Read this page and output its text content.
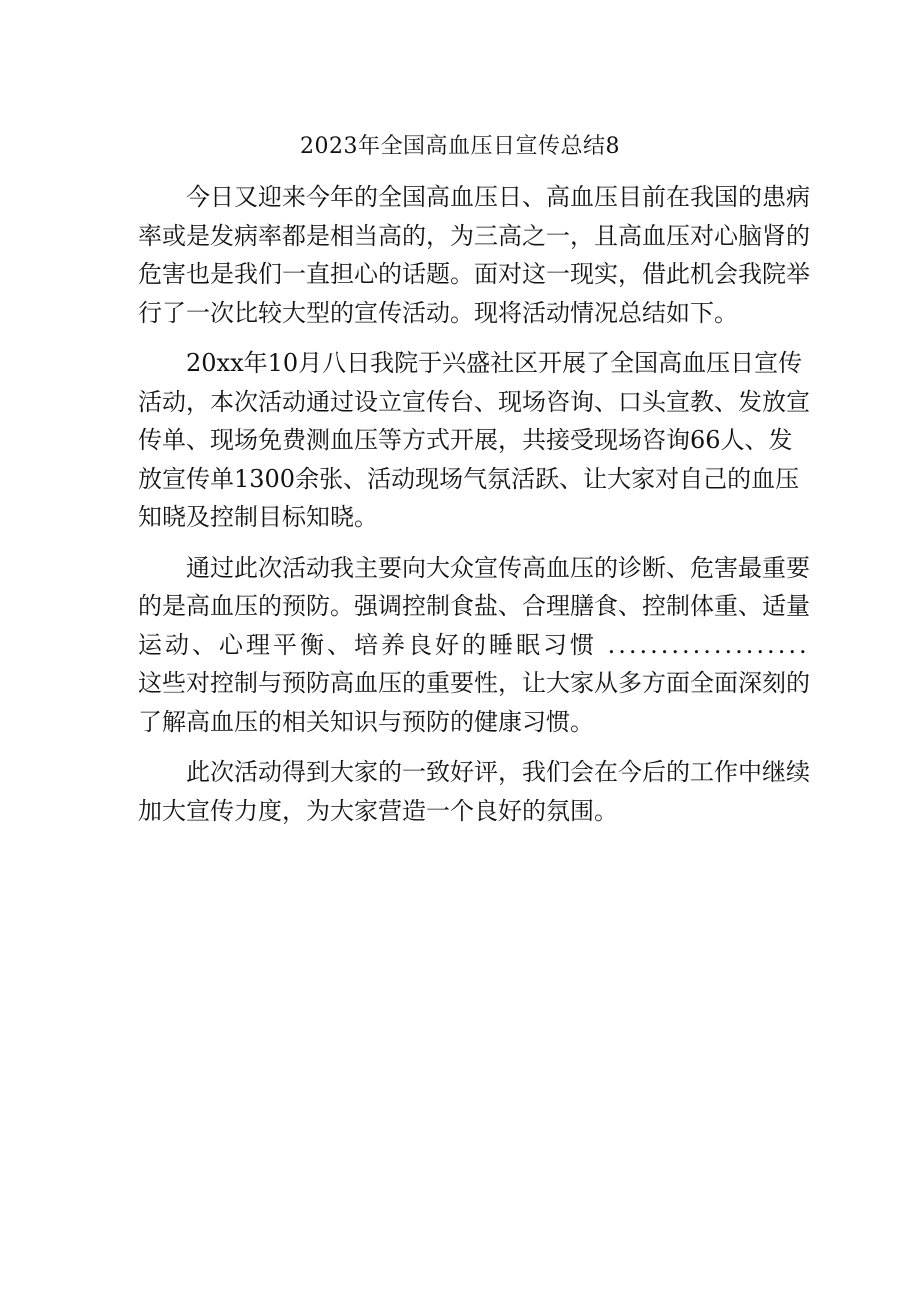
2023年全国高血压日宣传总结8

今日又迎来今年的全国高血压日、高血压目前在我国的患病
率或是发病率都是相当高的，为三高之一，且高血压对心脑肾的
危害也是我们一直担心的话题。面对这一现实，借此机会我院举
行了一次比较大型的宣传活动。现将活动情况总结如下。

20xx年10月八日我院于兴盛社区开展了全国高血压日宣传
活动，本次活动通过设立宣传台、现场咨询、口头宣教、发放宣
传单、现场免费测血压等方式开展，共接受现场咨询66人、发
放宣传单1300余张、活动现场气氛活跃、让大家对自己的血压
知晓及控制目标知晓。

通过此次活动我主要向大众宣传高血压的诊断、危害最重要
的是高血压的预防。强调控制食盐、合理膳食、控制体重、适量
运动、心理平衡、培养良好的睡眠习惯 ...................
这些对控制与预防高血压的重要性，让大家从多方面全面深刻的
了解高血压的相关知识与预防的健康习惯。

此次活动得到大家的一致好评，我们会在今后的工作中继续
加大宣传力度，为大家营造一个良好的氛围。
